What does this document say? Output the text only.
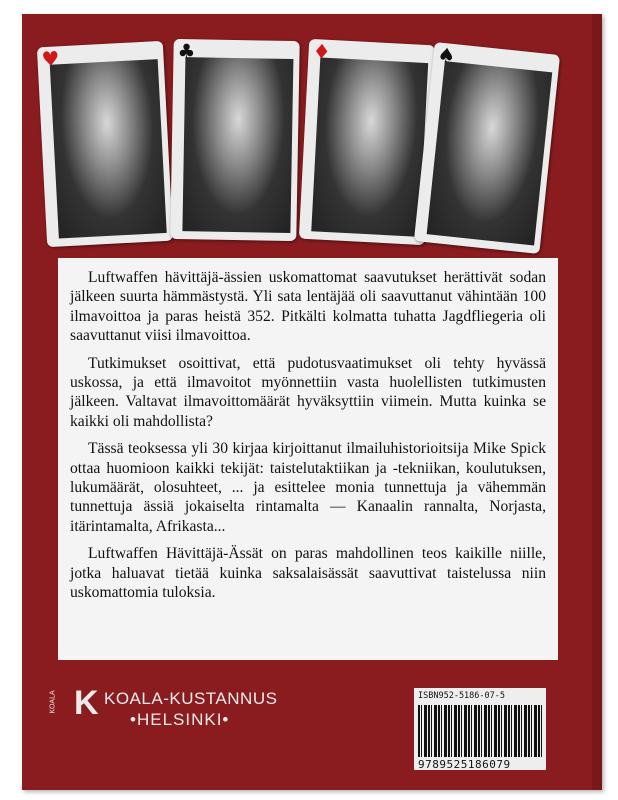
♥	♣	♦	♠

Luftwaffen hävittäjä-ässien uskomattomat saavutukset herättivät sodan jälkeen suurta hämmästystä. Yli sata lentäjää oli saavuttanut vähintään 100 ilmavoittoa ja paras heistä 352. Pitkälti kolmatta tuhatta Jagdfliegeria oli saavuttanut viisi ilmavoittoa.

Tutkimukset osoittivat, että pudotusvaatimukset oli tehty hyvässä uskossa, ja että ilmavoitot myönnettiin vasta huolellisten tutkimusten jälkeen. Valtavat ilmavoittomäärät hyväksyttiin viimein. Mutta kuinka se kaikki oli mahdollista?

Tässä teoksessa yli 30 kirjaa kirjoittanut ilmailuhistorioitsija Mike Spick ottaa huomioon kaikki tekijät: taistelutaktiikan ja -tekniikan, koulutuksen, lukumäärät, olosuhteet, ... ja esittelee monia tunnettuja ja vähemmän tunnettuja ässiä jokaiselta rintamalta — Kanaalin rannalta, Norjasta, itärintamalta, Afrikasta...

Luftwaffen Hävittäjä-Ässät on paras mahdollinen teos kaikille niille, jotka haluavat tietää kuinka saksalaisässät saavuttivat taistelussa niin uskomattomia tuloksia.

KOALA K KOALA-KUSTANNUS
•HELSINKI•
ISBN952-5186-07-5
9789525186079
